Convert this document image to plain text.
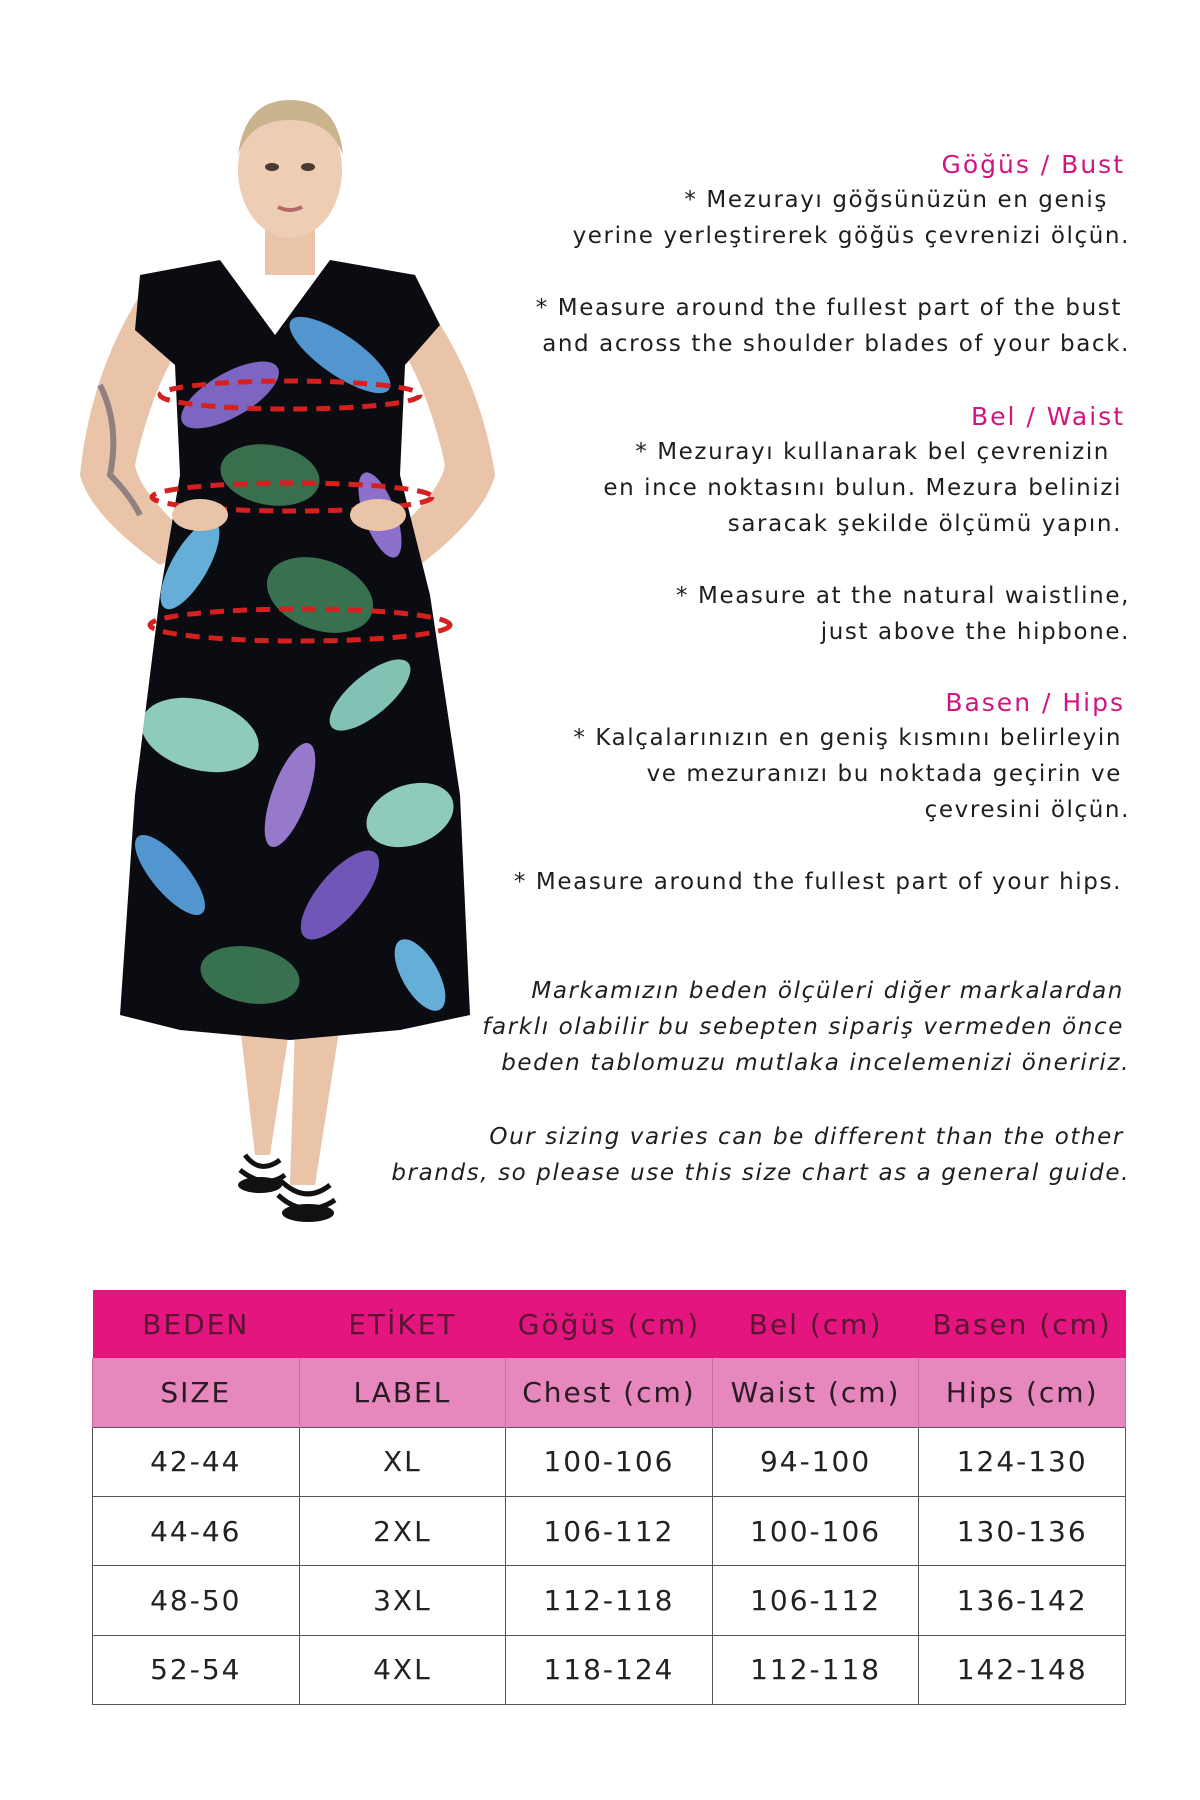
Göğüs / Bust
* Mezurayı göğsünüzün en geniş
yerine yerleştirerek göğüs çevrenizi ölçün.
* Measure around the fullest part of the bust
and across the shoulder blades of your back.
Bel / Waist
* Mezurayı kullanarak bel çevrenizin
en ince noktasını bulun. Mezura belinizi
saracak şekilde ölçümü yapın.
* Measure at the natural waistline,
just above the hipbone.
Basen / Hips
* Kalçalarınızın en geniş kısmını belirleyin
ve mezuranızı bu noktada geçirin ve
çevresini ölçün.
* Measure around the fullest part of your hips.
Markamızın beden ölçüleri diğer markalardan
farklı olabilir bu sebepten sipariş vermeden önce
beden tablomuzu mutlaka incelemenizi öneririz.
Our sizing varies can be different than the other
brands, so please use this size chart as a general guide.
BEDEN	ETİKET	Göğüs (cm)	Bel (cm)	Basen (cm)
SIZE	LABEL	Chest (cm)	Waist (cm)	Hips (cm)
42-44	XL	100-106	94-100	124-130
44-46	2XL	106-112	100-106	130-136
48-50	3XL	112-118	106-112	136-142
52-54	4XL	118-124	112-118	142-148
